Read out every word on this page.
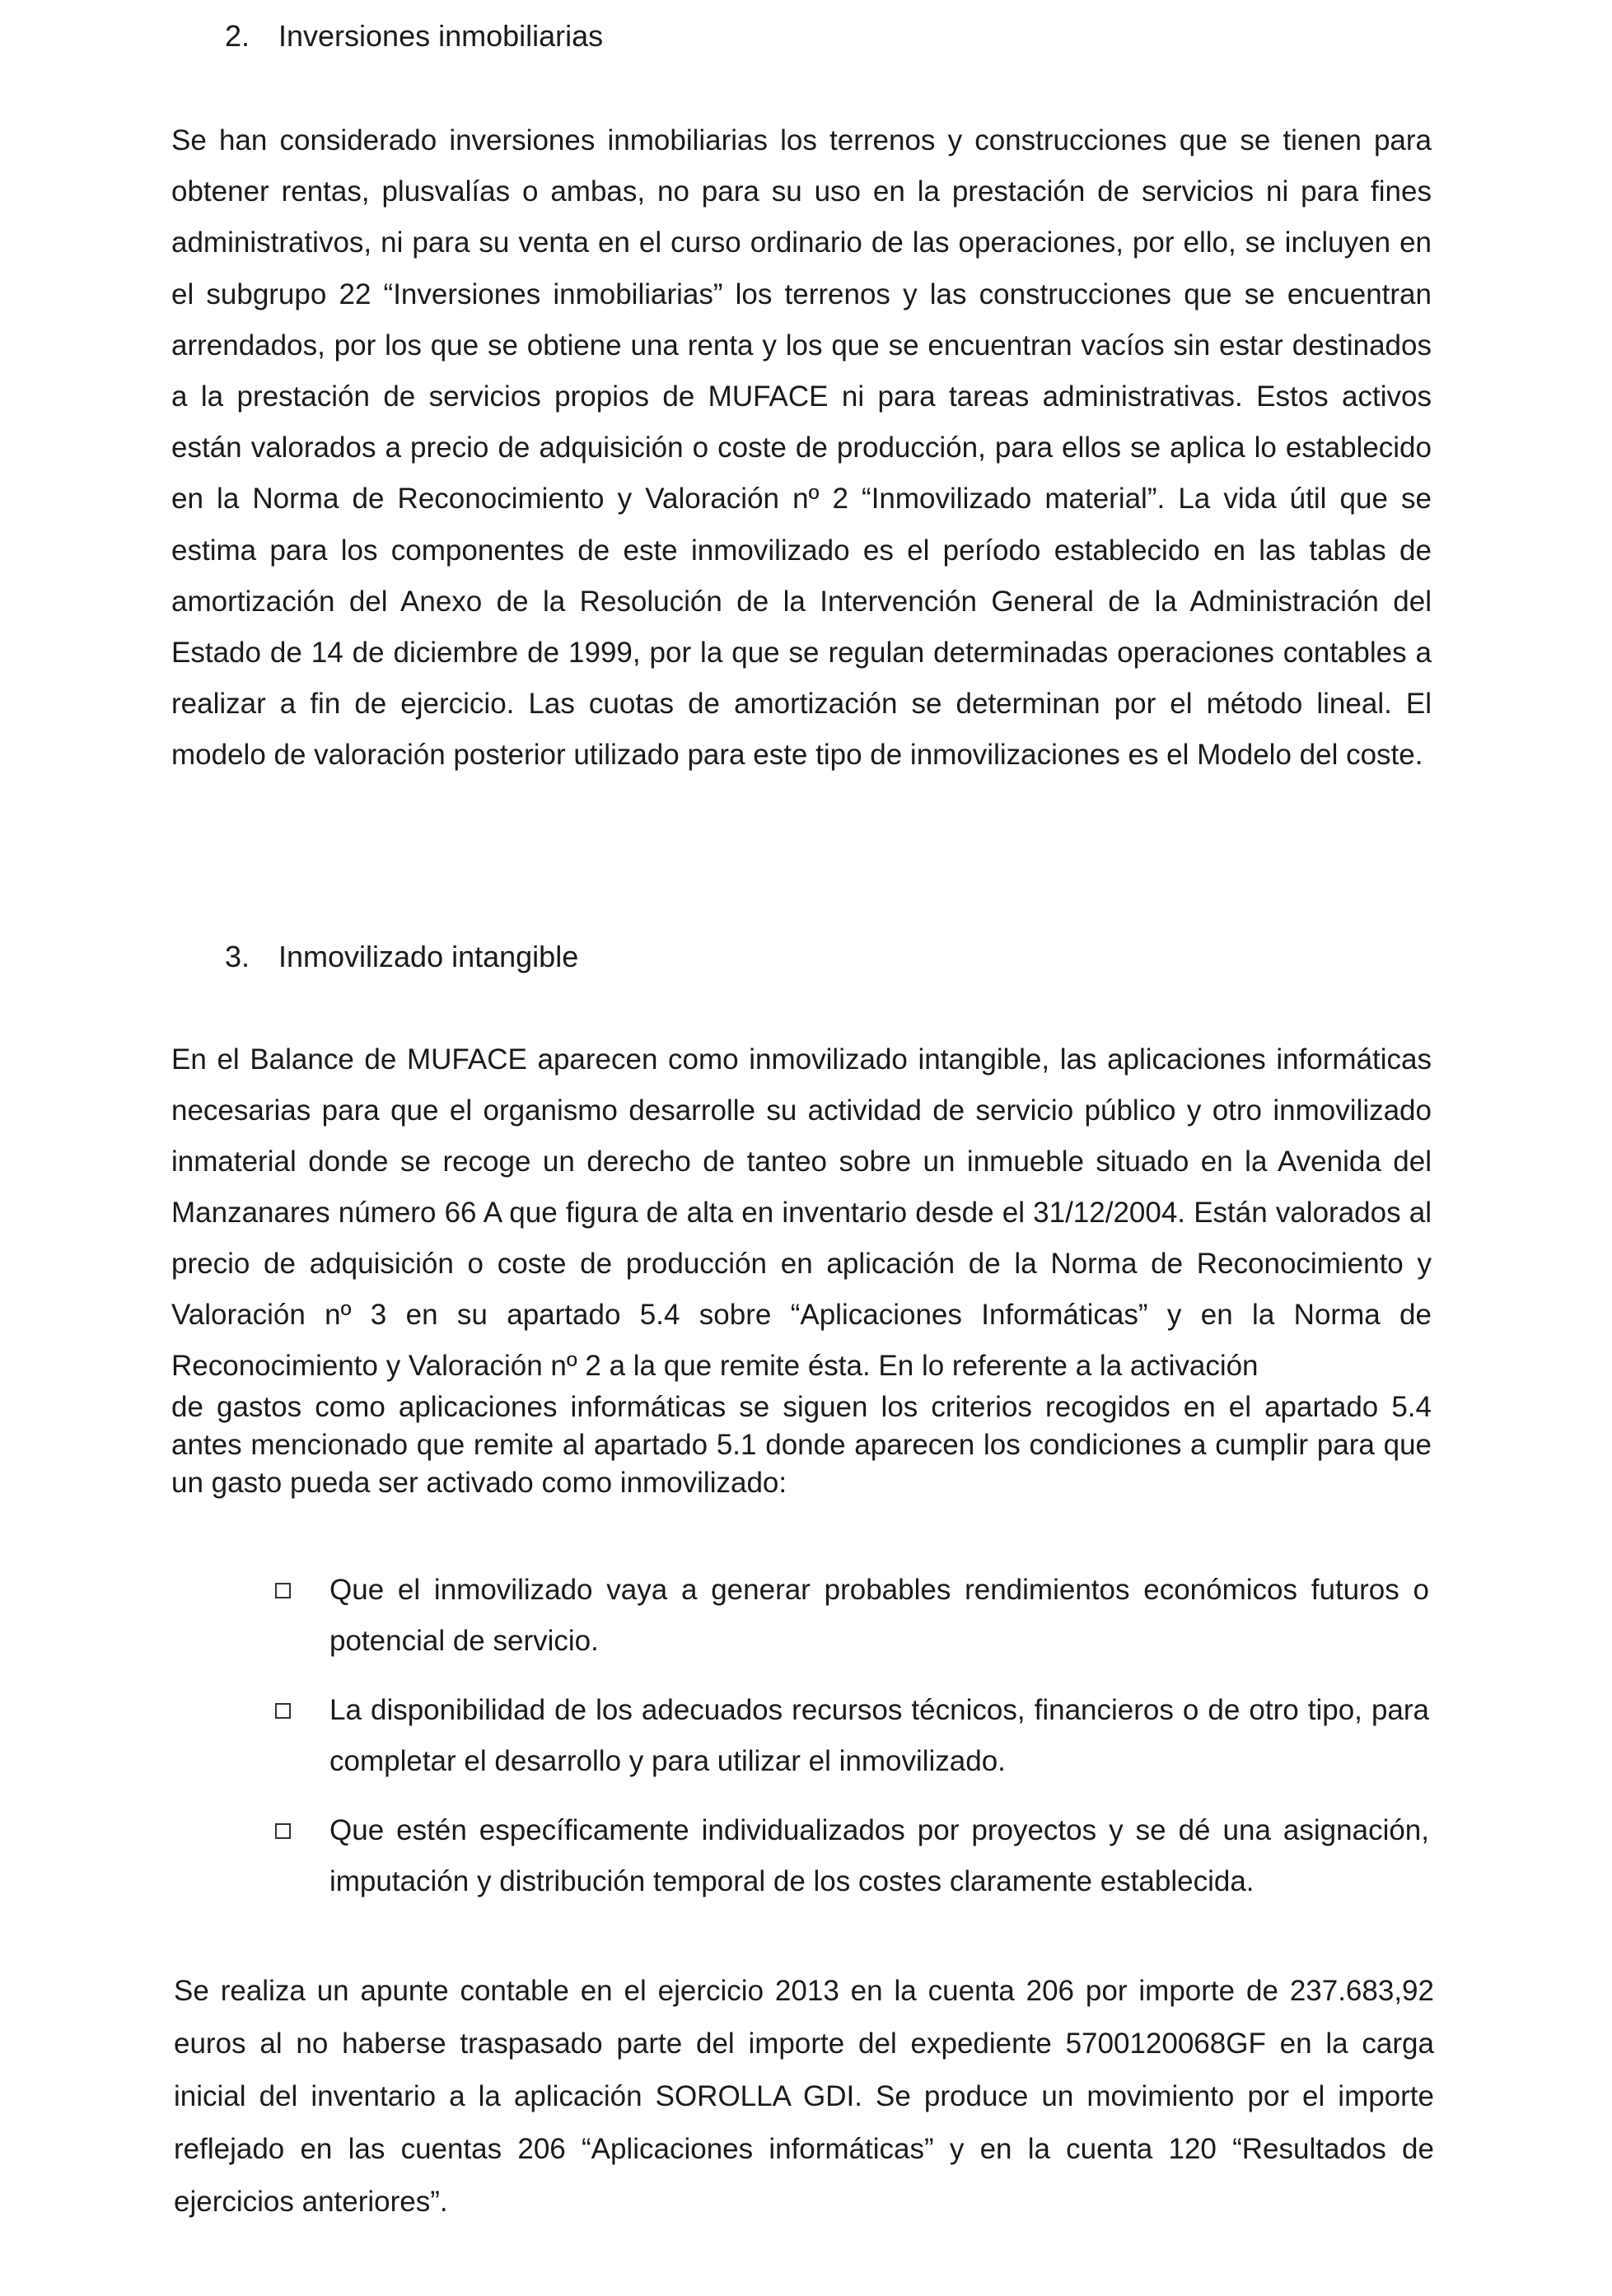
2. Inversiones inmobiliarias

Se han considerado inversiones inmobiliarias los terrenos y construcciones que se tienen para obtener rentas, plusvalías o ambas, no para su uso en la prestación de servicios ni para fines administrativos, ni para su venta en el curso ordinario de las operaciones, por ello, se incluyen en el subgrupo 22 “Inversiones inmobiliarias” los terrenos y las construcciones que se encuentran arrendados, por los que se obtiene una renta y los que se encuentran vacíos sin estar destinados a la prestación de servicios propios de MUFACE ni para tareas administrativas. Estos activos están valorados a precio de adquisición o coste de producción, para ellos se aplica lo establecido en la Norma de Reconocimiento y Valoración nº 2 “Inmovilizado material”. La vida útil que se estima para los componentes de este inmovilizado es el período establecido en las tablas de amortización del Anexo de la Resolución de la Intervención General de la Administración del Estado de 14 de diciembre de 1999, por la que se regulan determinadas operaciones contables a realizar a fin de ejercicio. Las cuotas de amortización se determinan por el método lineal. El modelo de valoración posterior utilizado para este tipo de inmovilizaciones es el Modelo del coste.

3. Inmovilizado intangible

En el Balance de MUFACE aparecen como inmovilizado intangible, las aplicaciones informáticas necesarias para que el organismo desarrolle su actividad de servicio público y otro inmovilizado inmaterial donde se recoge un derecho de tanteo sobre un inmueble situado en la Avenida del Manzanares número 66 A que figura de alta en inventario desde el 31/12/2004. Están valorados al precio de adquisición o coste de producción en aplicación de la Norma de Reconocimiento y Valoración nº 3 en su apartado 5.4 sobre “Aplicaciones Informáticas” y en la Norma de Reconocimiento y Valoración nº 2 a la que remite ésta. En lo referente a la activación

de gastos como aplicaciones informáticas se siguen los criterios recogidos en el apartado 5.4 antes mencionado que remite al apartado 5.1 donde aparecen los condiciones a cumplir para que un gasto pueda ser activado como inmovilizado:

Que el inmovilizado vaya a generar probables rendimientos económicos futuros o potencial de servicio.
La disponibilidad de los adecuados recursos técnicos, financieros o de otro tipo, para completar el desarrollo y para utilizar el inmovilizado.
Que estén específicamente individualizados por proyectos y se dé una asignación, imputación y distribución temporal de los costes claramente establecida.

Se realiza un apunte contable en el ejercicio 2013 en la cuenta 206 por importe de 237.683,92 euros al no haberse traspasado parte del importe del expediente 5700120068GF en la carga inicial del inventario a la aplicación SOROLLA GDI. Se produce un movimiento por el importe reflejado en las cuentas 206 “Aplicaciones informáticas” y en la cuenta 120 “Resultados de ejercicios anteriores”.
